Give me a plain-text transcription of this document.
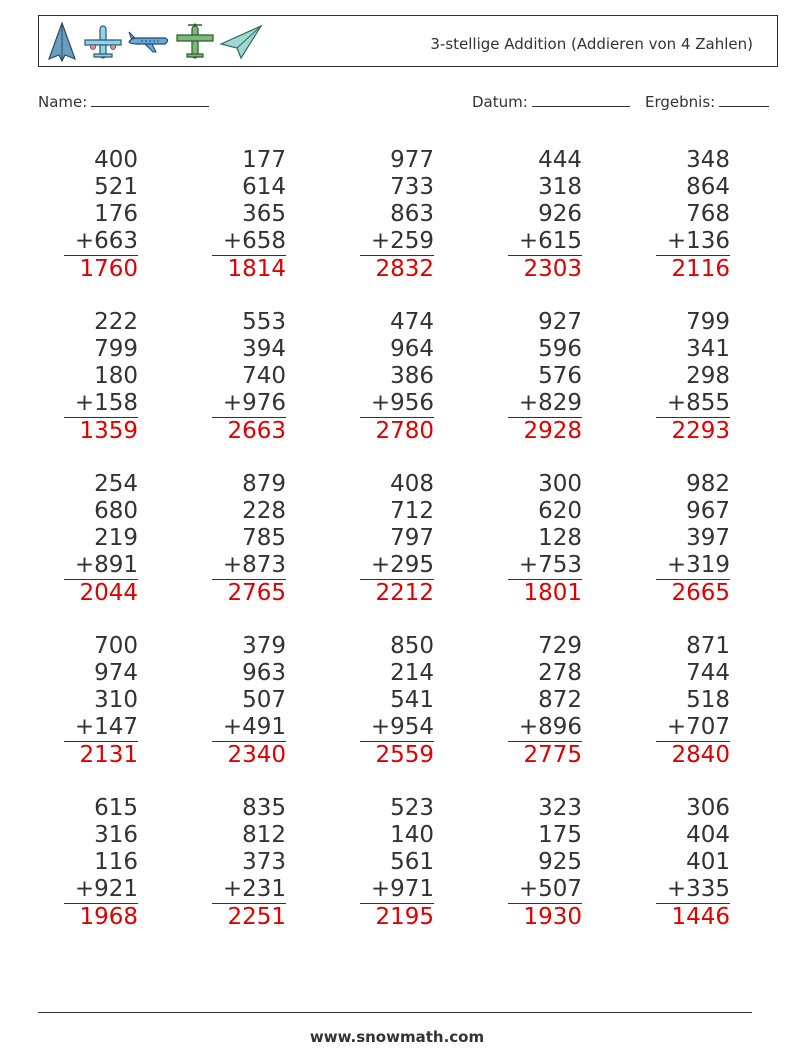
3-stellige Addition (Addieren von 4 Zahlen)
Name:	Datum:	Ergebnis:
400
521
176
+663
1760
177
614
365
+658
1814
977
733
863
+259
2832
444
318
926
+615
2303
348
864
768
+136
2116
222
799
180
+158
1359
553
394
740
+976
2663
474
964
386
+956
2780
927
596
576
+829
2928
799
341
298
+855
2293
254
680
219
+891
2044
879
228
785
+873
2765
408
712
797
+295
2212
300
620
128
+753
1801
982
967
397
+319
2665
700
974
310
+147
2131
379
963
507
+491
2340
850
214
541
+954
2559
729
278
872
+896
2775
871
744
518
+707
2840
615
316
116
+921
1968
835
812
373
+231
2251
523
140
561
+971
2195
323
175
925
+507
1930
306
404
401
+335
1446
www.snowmath.com
